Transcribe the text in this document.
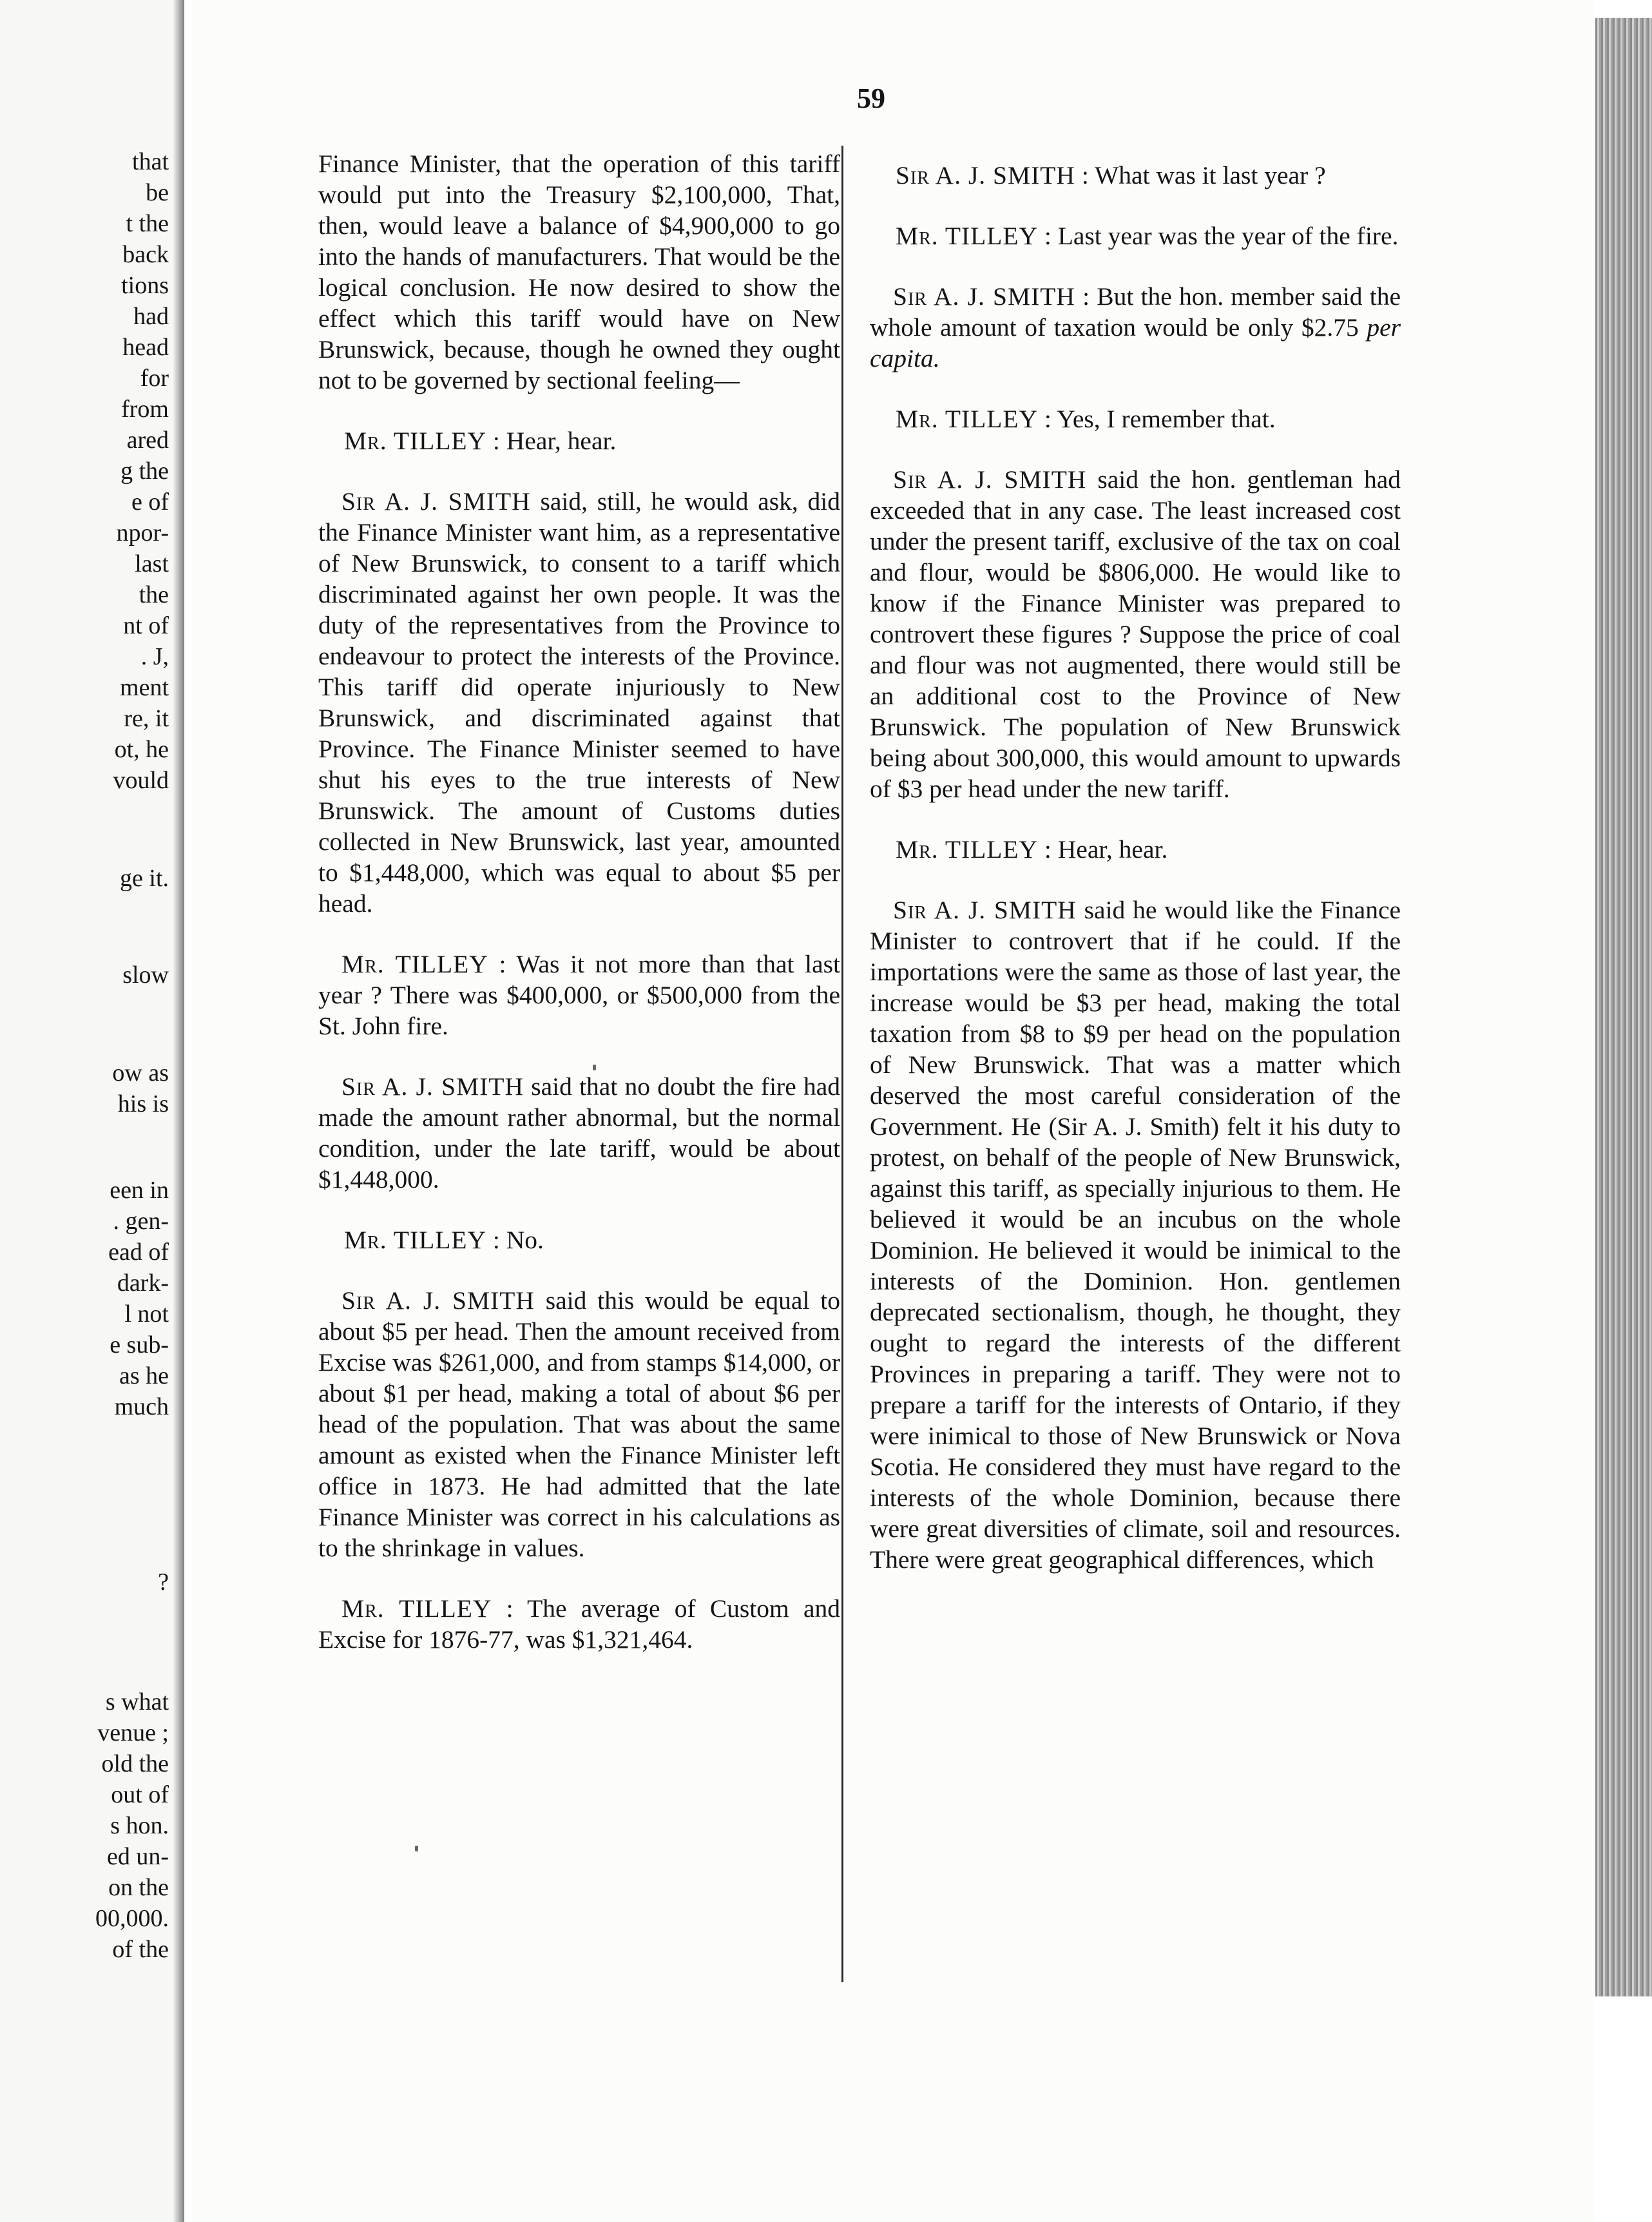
that
be
t the
back
tions
had
head
for
from
ared
g the
e of
npor-
last
the
nt of
. J,
ment
re, it
ot, he
vould
ge it.
slow
ow as
his is
een in
. gen-
ead of
dark-
l not
e sub-
as he
much
?
s what
venue ;
old the
out of
s hon.
ed un-
on the
00,000.
of the
59

Finance Minister, that the operation of this tariff would put into the Treasury $2,100,000, That, then, would leave a balance of $4,900,000 to go into the hands of manufacturers. That would be the logical conclusion. He now desired to show the effect which this tariff would have on New Brunswick, because, though he owned they ought not to be governed by sectional feeling—

Mr. TILLEY : Hear, hear.

Sir A. J. SMITH said, still, he would ask, did the Finance Minister want him, as a representative of New Brunswick, to consent to a tariff which discriminated against her own people. It was the duty of the representatives from the Province to endeavour to protect the interests of the Province. This tariff did operate injuriously to New Brunswick, and discriminated against that Province. The Finance Minister seemed to have shut his eyes to the true interests of New Brunswick. The amount of Customs duties collected in New Brunswick, last year, amounted to $1,448,000, which was equal to about $5 per head.

Mr. TILLEY : Was it not more than that last year ? There was $400,000, or $500,000 from the St. John fire.

Sir A. J. SMITH said that no doubt the fire had made the amount rather abnormal, but the normal condition, under the late tariff, would be about $1,448,000.

Mr. TILLEY : No.

Sir A. J. SMITH said this would be equal to about $5 per head. Then the amount received from Excise was $261,000, and from stamps $14,000, or about $1 per head, making a total of about $6 per head of the population. That was about the same amount as existed when the Finance Minister left office in 1873. He had admitted that the late Finance Minister was correct in his calculations as to the shrinkage in values.

Mr. TILLEY : The average of Custom and Excise for 1876-77, was $1,321,464.

Sir A. J. SMITH : What was it last year ?

Mr. TILLEY : Last year was the year of the fire.

Sir A. J. SMITH : But the hon. member said the whole amount of taxation would be only $2.75 per capita.

Mr. TILLEY : Yes, I remember that.

Sir A. J. SMITH said the hon. gentleman had exceeded that in any case. The least increased cost under the present tariff, exclusive of the tax on coal and flour, would be $806,000. He would like to know if the Finance Minister was prepared to controvert these figures ? Suppose the price of coal and flour was not augmented, there would still be an additional cost to the Province of New Brunswick. The population of New Brunswick being about 300,000, this would amount to upwards of $3 per head under the new tariff.

Mr. TILLEY : Hear, hear.

Sir A. J. SMITH said he would like the Finance Minister to controvert that if he could. If the importations were the same as those of last year, the increase would be $3 per head, making the total taxation from $8 to $9 per head on the population of New Brunswick. That was a matter which deserved the most careful consideration of the Government. He (Sir A. J. Smith) felt it his duty to protest, on behalf of the people of New Brunswick, against this tariff, as specially injurious to them. He believed it would be an incubus on the whole Dominion. He believed it would be inimical to the interests of the Dominion. Hon. gentlemen deprecated sectionalism, though, he thought, they ought to regard the interests of the different Provinces in preparing a tariff. They were not to prepare a tariff for the interests of Ontario, if they were inimical to those of New Brunswick or Nova Scotia. He considered they must have regard to the interests of the whole Dominion, because there were great diversities of climate, soil and resources. There were great geographical differences, which
